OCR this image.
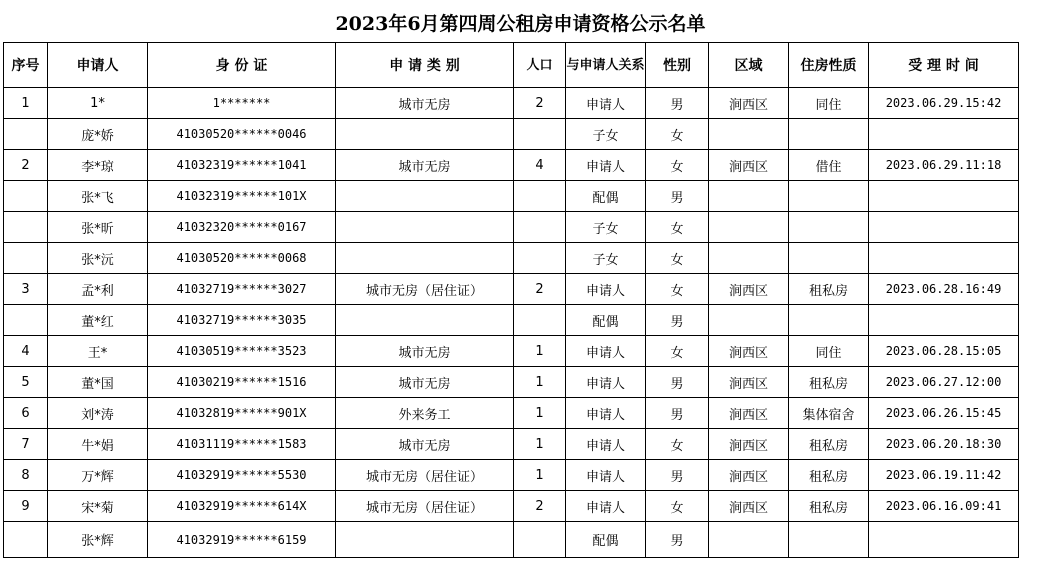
2023年6月第四周公租房申请资格公示名单
序号	申请人	身 份 证	申 请 类 别	人口	与申请人关系	性别	区域	住房性质	受 理 时 间
1	1*	1*******	城市无房	2	申请人	男	涧西区	同住	2023.06.29.15:42
	庞*娇	41030520******0046			子女	女			
2	李*琼	41032319******1041	城市无房	4	申请人	女	涧西区	借住	2023.06.29.11:18
	张*飞	41032319******101X			配偶	男			
	张*昕	41032320******0167			子女	女			
	张*沅	41030520******0068			子女	女			
3	孟*利	41032719******3027	城市无房（居住证）	2	申请人	女	涧西区	租私房	2023.06.28.16:49
	董*红	41032719******3035			配偶	男			
4	王*	41030519******3523	城市无房	1	申请人	女	涧西区	同住	2023.06.28.15:05
5	董*国	41030219******1516	城市无房	1	申请人	男	涧西区	租私房	2023.06.27.12:00
6	刘*涛	41032819******901X	外来务工	1	申请人	男	涧西区	集体宿舍	2023.06.26.15:45
7	牛*娟	41031119******1583	城市无房	1	申请人	女	涧西区	租私房	2023.06.20.18:30
8	万*辉	41032919******5530	城市无房（居住证）	1	申请人	男	涧西区	租私房	2023.06.19.11:42
9	宋*菊	41032919******614X	城市无房（居住证）	2	申请人	女	涧西区	租私房	2023.06.16.09:41
	张*辉	41032919******6159			配偶	男			
